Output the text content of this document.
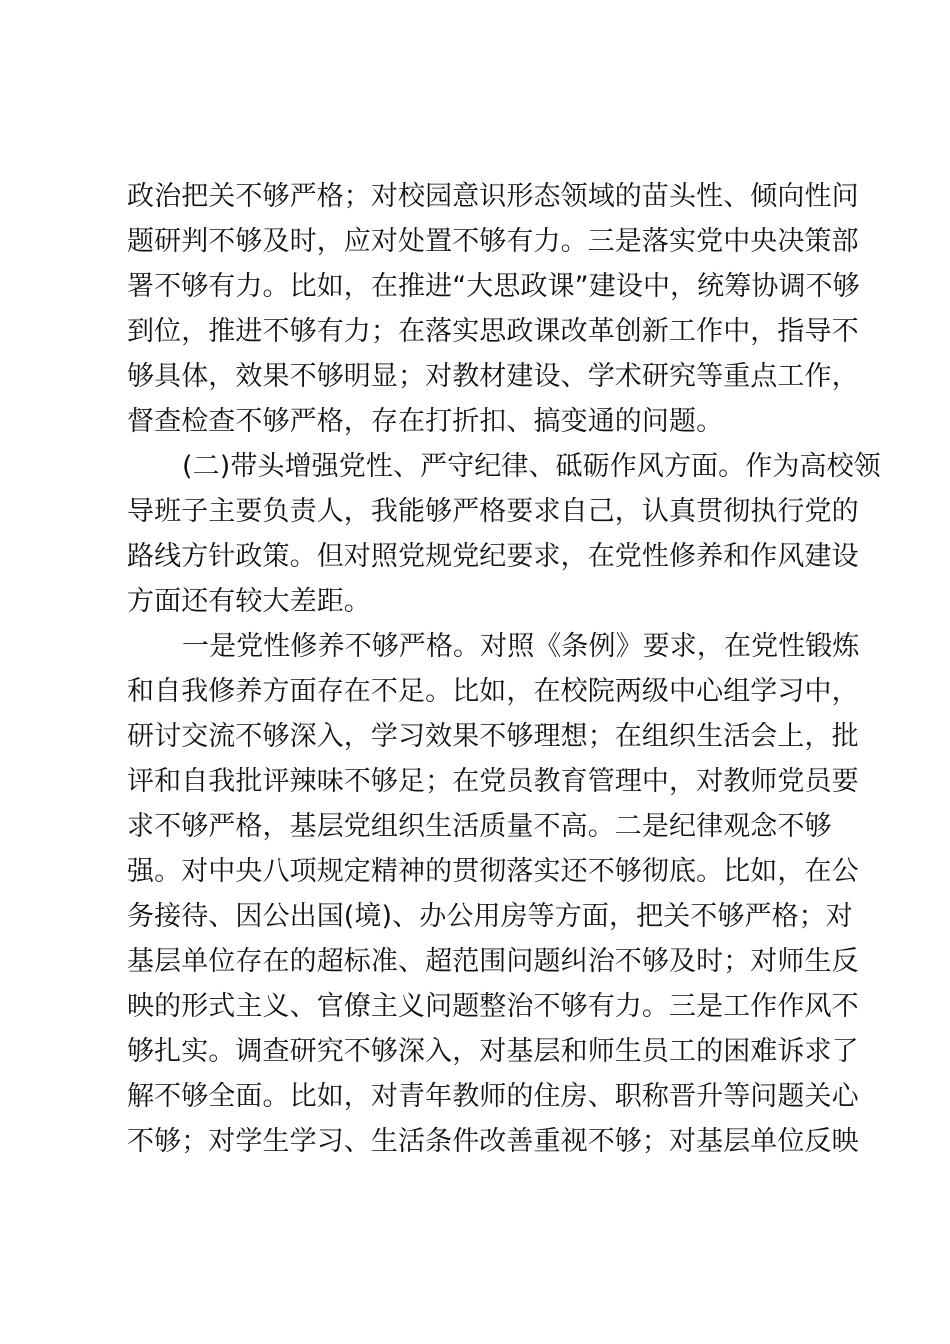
政治把关不够严格；对校园意识形态领域的苗头性、倾向性问
题研判不够及时，应对处置不够有力。三是落实党中央决策部
署不够有力。比如，在推进“大思政课”建设中，统筹协调不够
到位，推进不够有力；在落实思政课改革创新工作中，指导不
够具体，效果不够明显；对教材建设、学术研究等重点工作，
督查检查不够严格，存在打折扣、搞变通的问题。
(二)带头增强党性、严守纪律、砥砺作风方面。作为高校领
导班子主要负责人，我能够严格要求自己，认真贯彻执行党的
路线方针政策。但对照党规党纪要求，在党性修养和作风建设
方面还有较大差距。
一是党性修养不够严格。对照《条例》要求，在党性锻炼
和自我修养方面存在不足。比如，在校院两级中心组学习中，
研讨交流不够深入，学习效果不够理想；在组织生活会上，批
评和自我批评辣味不够足；在党员教育管理中，对教师党员要
求不够严格，基层党组织生活质量不高。二是纪律观念不够
强。对中央八项规定精神的贯彻落实还不够彻底。比如，在公
务接待、因公出国(境)、办公用房等方面，把关不够严格；对
基层单位存在的超标准、超范围问题纠治不够及时；对师生反
映的形式主义、官僚主义问题整治不够有力。三是工作作风不
够扎实。调查研究不够深入，对基层和师生员工的困难诉求了
解不够全面。比如，对青年教师的住房、职称晋升等问题关心
不够；对学生学习、生活条件改善重视不够；对基层单位反映
